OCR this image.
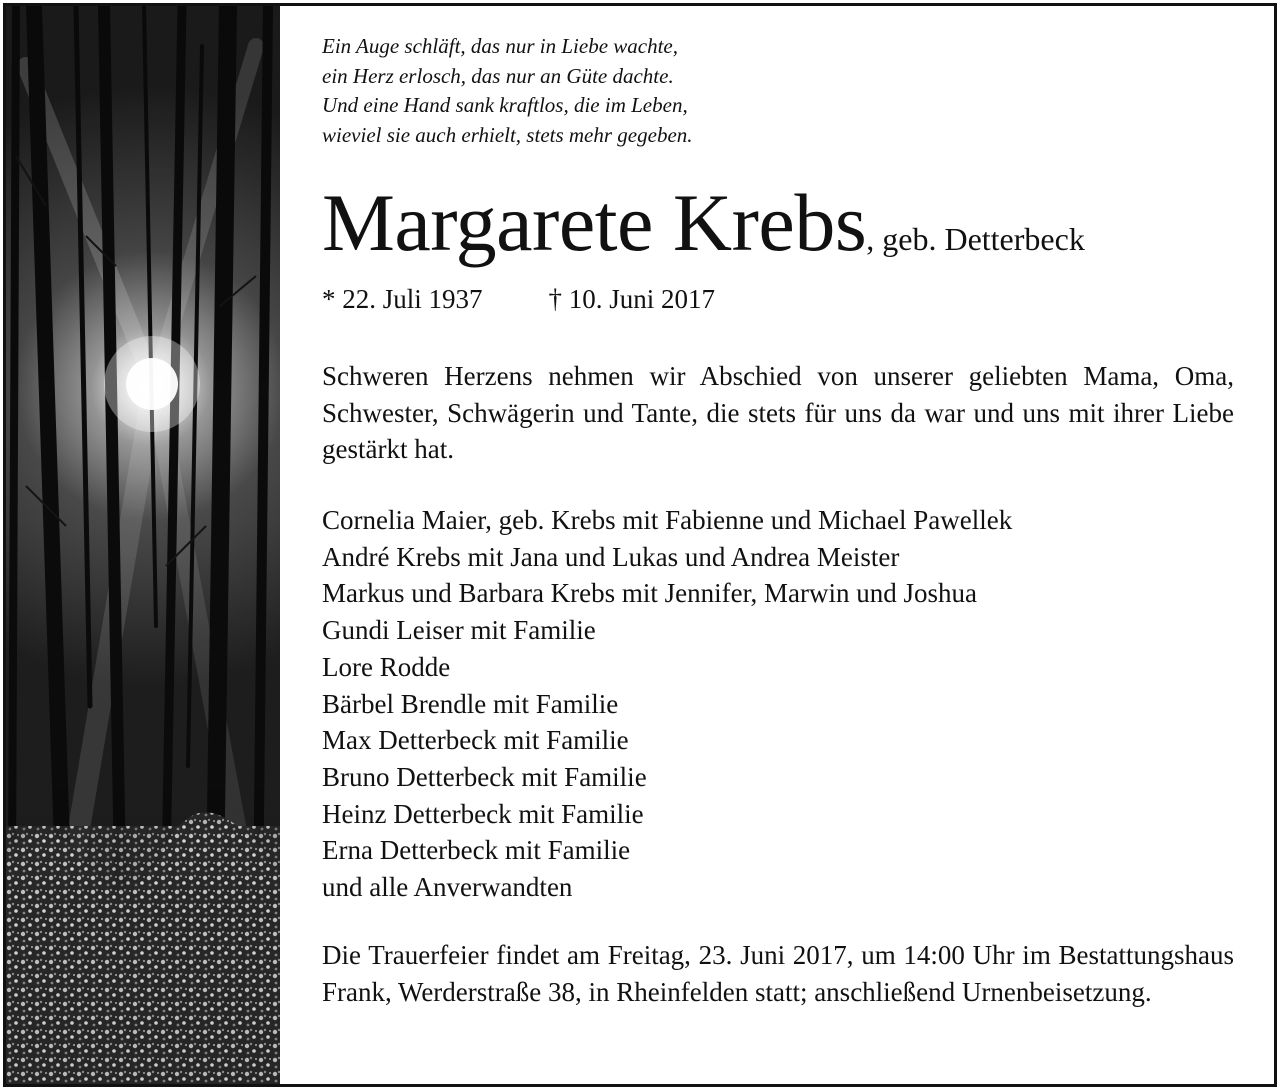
Ein Auge schläft, das nur in Liebe wachte,
ein Herz erlosch, das nur an Güte dachte.
Und eine Hand sank kraftlos, die im Leben,
wieviel sie auch erhielt, stets mehr gegeben.
Margarete Krebs, geb. Detterbeck
* 22. Juli 1937 † 10. Juni 2017
Schweren Herzens nehmen wir Abschied von unserer geliebten Mama, Oma, Schwester, Schwägerin und Tante, die stets für uns da war und uns mit ihrer Liebe gestärkt hat.
Cornelia Maier, geb. Krebs mit Fabienne und Michael Pawellek
André Krebs mit Jana und Lukas und Andrea Meister
Markus und Barbara Krebs mit Jennifer, Marwin und Joshua
Gundi Leiser mit Familie
Lore Rodde
Bärbel Brendle mit Familie
Max Detterbeck mit Familie
Bruno Detterbeck mit Familie
Heinz Detterbeck mit Familie
Erna Detterbeck mit Familie
und alle Anverwandten
Die Trauerfeier findet am Freitag, 23. Juni 2017, um 14:00 Uhr im Bestattungshaus Frank, Werderstraße 38, in Rheinfelden statt; anschließend Urnenbeisetzung.
